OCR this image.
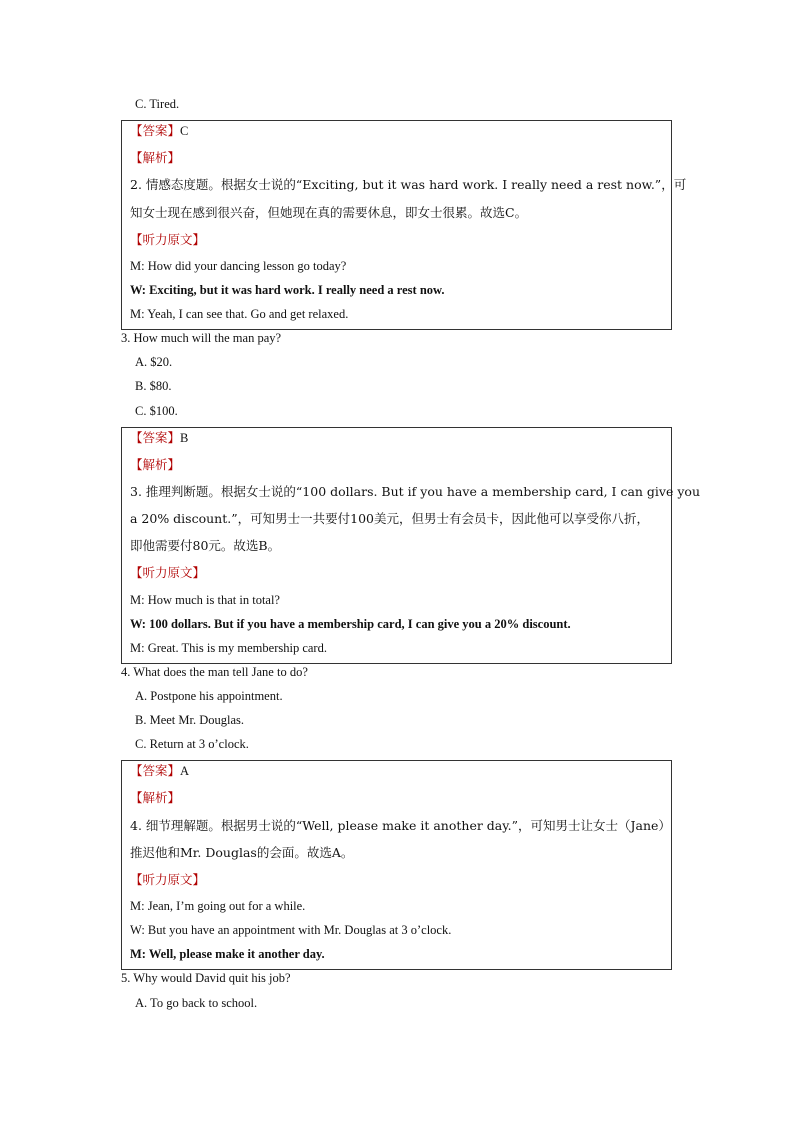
C. Tired.
【答案】C
【解析】
2. 情感态度题。根据女士说的“Exciting, but it was hard work. I really need a rest now.”，可
知女士现在感到很兴奋，但她现在真的需要休息，即女士很累。故选C。
【听力原文】
M: How did your dancing lesson go today?
W: Exciting, but it was hard work. I really need a rest now.
M: Yeah, I can see that. Go and get relaxed.
3. How much will the man pay?
A. $20.
B. $80.
C. $100.
【答案】B
【解析】
3. 推理判断题。根据女士说的“100 dollars. But if you have a membership card, I can give you
a 20% discount.”，可知男士一共要付100美元，但男士有会员卡，因此他可以享受你八折，
即他需要付80元。故选B。
【听力原文】
M: How much is that in total?
W: 100 dollars. But if you have a membership card, I can give you a 20% discount.
M: Great. This is my membership card.
4. What does the man tell Jane to do?
A. Postpone his appointment.
B. Meet Mr. Douglas.
C. Return at 3 o’clock.
【答案】A
【解析】
4. 细节理解题。根据男士说的“Well, please make it another day.”，可知男士让女士（Jane）
推迟他和Mr. Douglas的会面。故选A。
【听力原文】
M: Jean, I’m going out for a while.
W: But you have an appointment with Mr. Douglas at 3 o’clock.
M: Well, please make it another day.
5. Why would David quit his job?
A. To go back to school.
